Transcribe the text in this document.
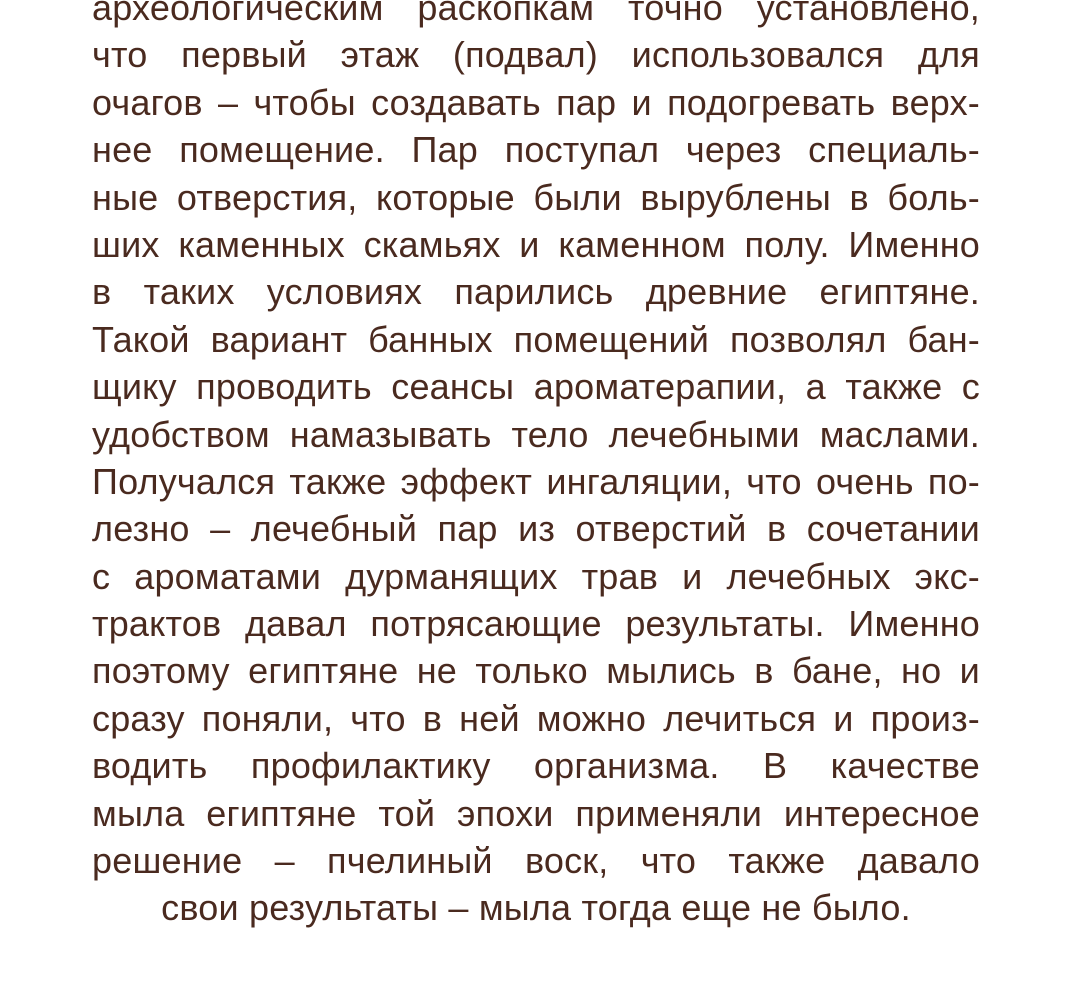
археологическим раскопкам точно установлено,
что первый этаж (подвал) использовался для
очагов – чтобы создавать пар и подогревать верх-
нее помещение. Пар поступал через специаль-
ные отверстия, которые были вырублены в боль-
ших каменных скамьях и каменном полу. Именно
в таких условиях парились древние египтяне.
Такой вариант банных помещений позволял бан-
щику проводить сеансы ароматерапии, а также с
удобством намазывать тело лечебными маслами.
Получался также эффект ингаляции, что очень по-
лезно – лечебный пар из отверстий в сочетании
с ароматами дурманящих трав и лечебных экс-
трактов давал потрясающие результаты. Именно
поэтому египтяне не только мылись в бане, но и
сразу поняли, что в ней можно лечиться и произ-
водить профилактику организма. В качестве
мыла египтяне той эпохи применяли интересное
решение – пчелиный воск, что также давало
свои результаты – мыла тогда еще не было.
